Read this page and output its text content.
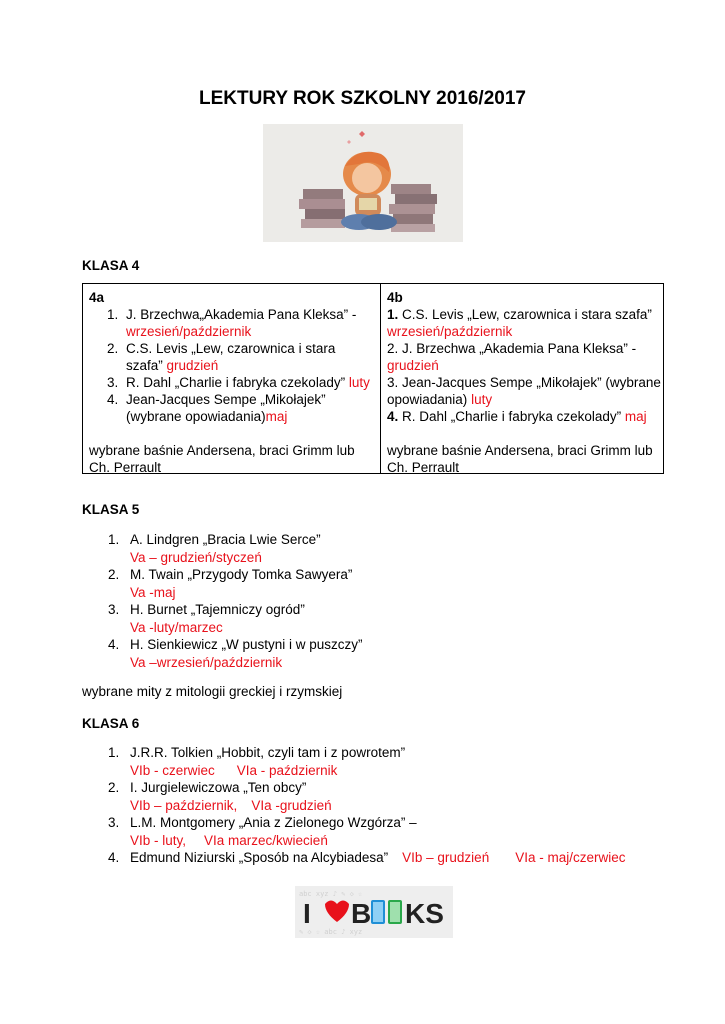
LEKTURY ROK SZKOLNY 2016/2017
KLASA 4
4a
1. J. Brzechwa„Akademia Pana Kleksa” -
wrzesień/październik
2. C.S. Levis „Lew, czarownica i stara szafa” grudzień
3. R. Dahl „Charlie i fabryka czekolady” luty
4. Jean-Jacques Sempe „Mikołajek” (wybrane opowiadania)maj
wybrane baśnie Andersena, braci Grimm lub Ch. Perrault
4b
1. C.S. Levis „Lew, czarownica i stara szafa”
wrzesień/październik
2. J. Brzechwa „Akademia Pana Kleksa” -
grudzień
3. Jean-Jacques Sempe „Mikołajek” (wybrane opowiadania) luty
4. R. Dahl „Charlie i fabryka czekolady” maj
wybrane baśnie Andersena, braci Grimm lub Ch. Perrault
KLASA 5
1. A. Lindgren „Bracia Lwie Serce”
Va – grudzień/styczeń
2. M. Twain „Przygody Tomka Sawyera”
Va -maj
3. H. Burnet „Tajemniczy ogród”
Va -luty/marzec
4. H. Sienkiewicz „W pustyni i w puszczy”
Va –wrzesień/październik
wybrane mity z mitologii greckiej i rzymskiej
KLASA 6
1. J.R.R. Tolkien „Hobbit, czyli tam i z powrotem”
VIb - czerwiec VIa - październik
2. I. Jurgielewiczowa „Ten obcy”
VIb – październik, VIa -grudzień
3. L.M. Montgomery „Ania z Zielonego Wzgórza” –
VIb - luty, VIa marzec/kwiecień
4. Edmund Niziurski „Sposób na Alcybiadesa” VIb – grudzień VIa - maj/czerwiec
abc xyz ♪ ✎ ◇ ☆
✎ ◇ ☆ abc ♪ xyz
I B KS
